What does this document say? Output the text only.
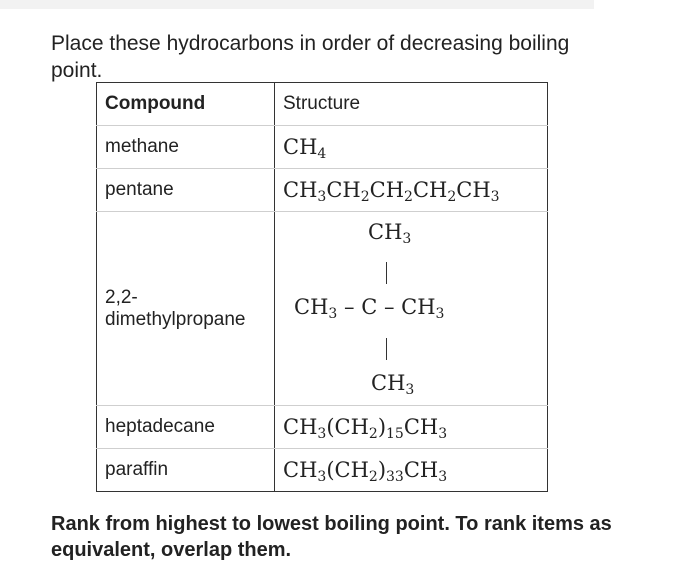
Place these hydrocarbons in order of decreasing boiling point.
Compound	Structure
methane	$CH_4$
pentane	$CH_3CH_2CH_2CH_2CH_3$
2,2-dimethylpropane	$CH_3$
$CH_3$ – C – $CH_3$
$CH_3$

heptadecane	$CH_3(CH_2)_{15}CH_3$
paraffin	$CH_3(CH_2)_{33}CH_3$
Rank from highest to lowest boiling point. To rank items as equivalent, overlap them.
